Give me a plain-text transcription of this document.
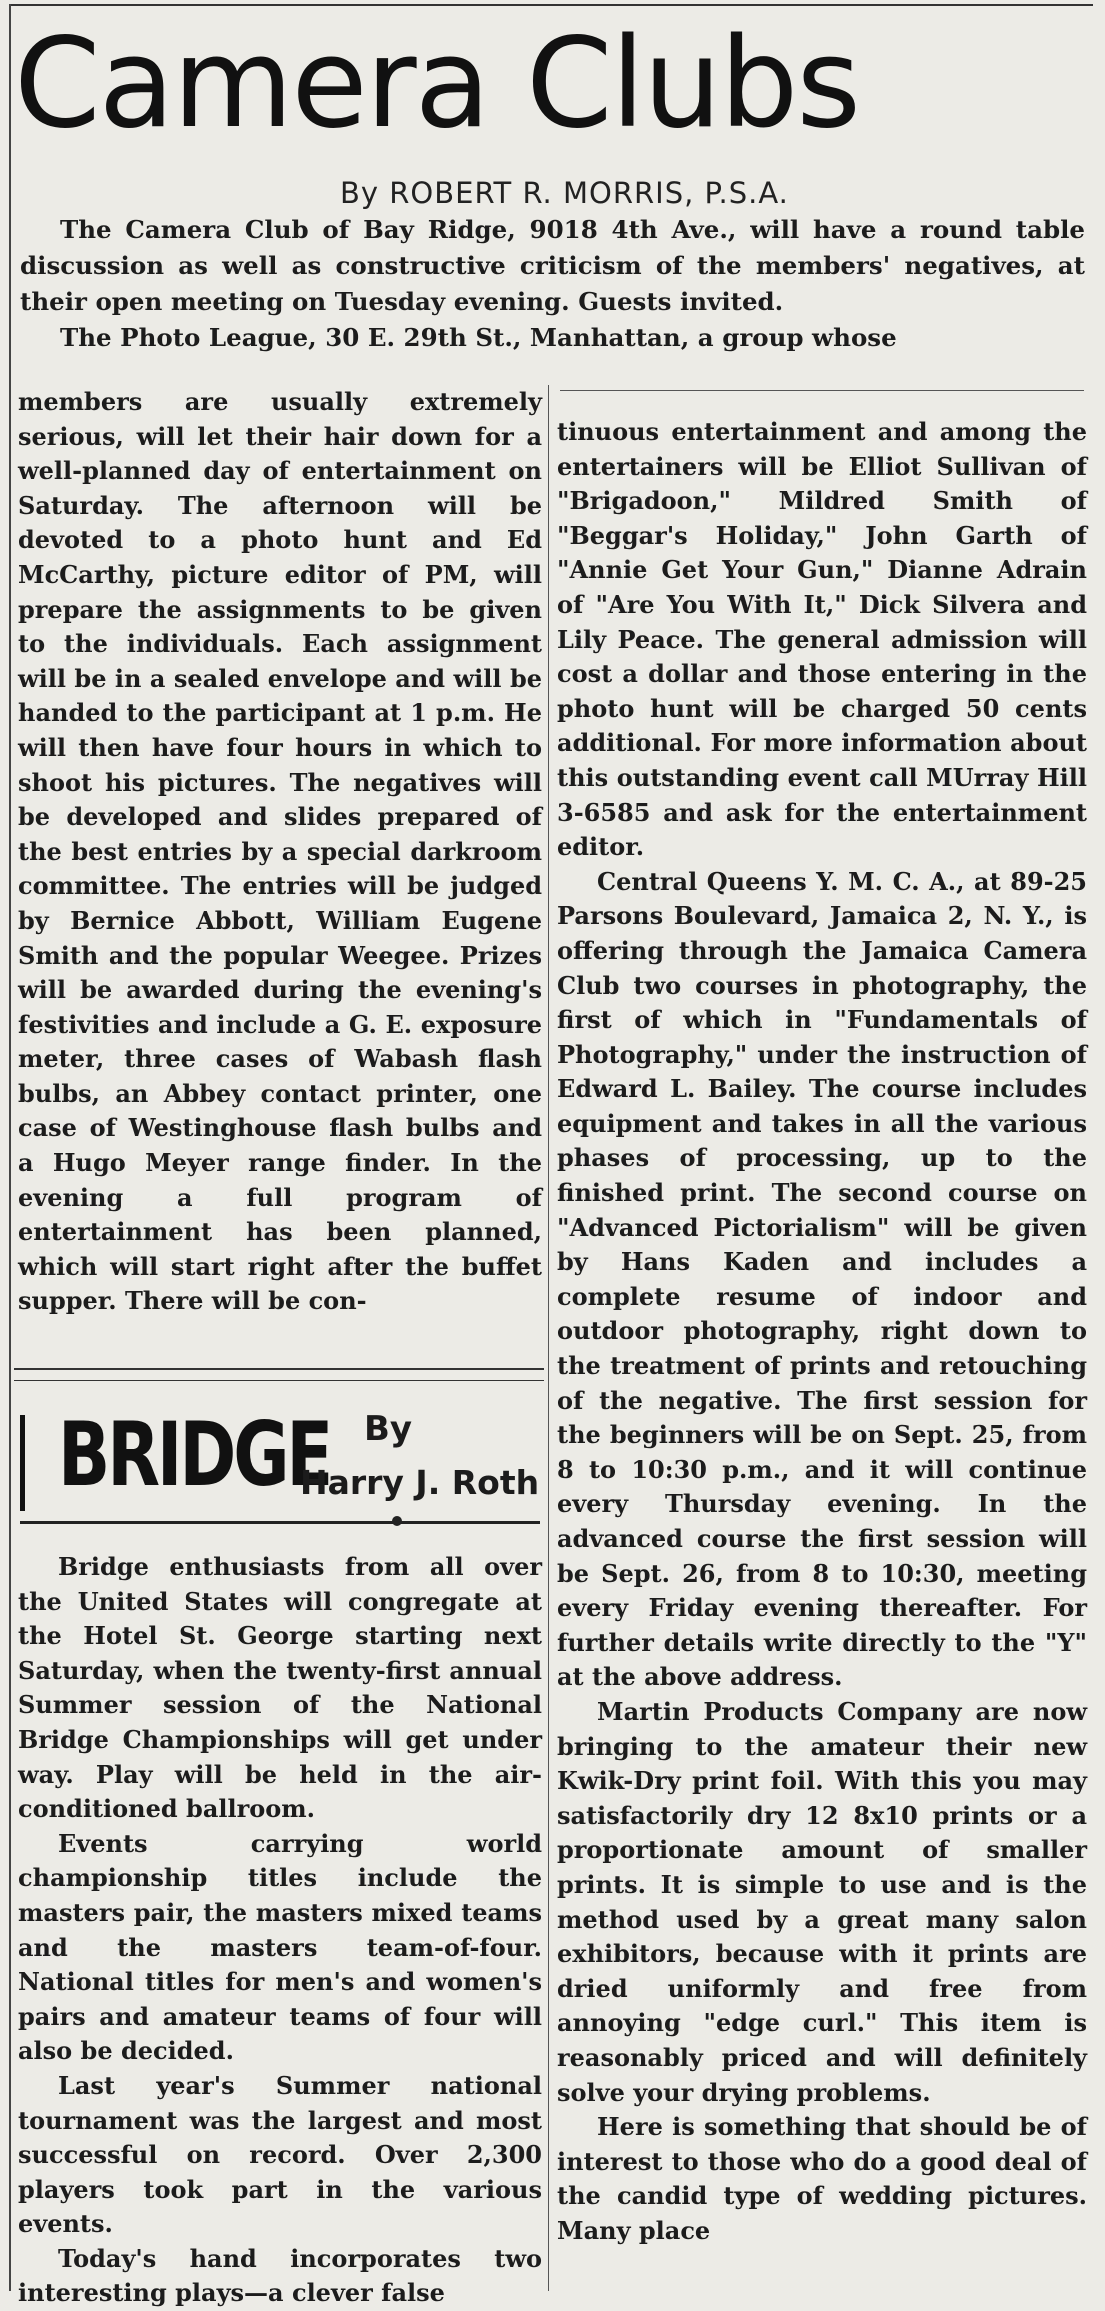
Camera Clubs
By ROBERT R. MORRIS, P.S.A.

The Camera Club of Bay Ridge, 9018 4th Ave., will have a round table discussion as well as constructive criticism of the members' negatives, at their open meeting on Tuesday evening. Guests invited.

The Photo League, 30 E. 29th St., Manhattan, a group whose

members are usually extremely serious, will let their hair down for a well-planned day of entertainment on Saturday. The afternoon will be devoted to a photo hunt and Ed McCarthy, picture editor of PM, will prepare the assignments to be given to the individuals. Each assignment will be in a sealed envelope and will be handed to the participant at 1 p.m. He will then have four hours in which to shoot his pictures. The negatives will be developed and slides prepared of the best entries by a special darkroom committee. The entries will be judged by Bernice Abbott, William Eugene Smith and the popular Weegee. Prizes will be awarded during the evening's festivities and include a G. E. exposure meter, three cases of Wabash flash bulbs, an Abbey contact printer, one case of Westinghouse flash bulbs and a Hugo Meyer range finder. In the evening a full program of entertainment has been planned, which will start right after the buffet supper. There will be con-

tinuous entertainment and among the entertainers will be Elliot Sullivan of "Brigadoon," Mildred Smith of "Beggar's Holiday," John Garth of "Annie Get Your Gun," Dianne Adrain of "Are You With It," Dick Silvera and Lily Peace. The general admission will cost a dollar and those entering in the photo hunt will be charged 50 cents additional. For more information about this outstanding event call MUrray Hill 3-6585 and ask for the entertainment editor.

Central Queens Y. M. C. A., at 89-25 Parsons Boulevard, Jamaica 2, N. Y., is offering through the Jamaica Camera Club two courses in photography, the first of which in "Fundamentals of Photography," under the instruction of Edward L. Bailey. The course includes equipment and takes in all the various phases of processing, up to the finished print. The second course on "Advanced Pictorialism" will be given by Hans Kaden and includes a complete resume of indoor and outdoor photography, right down to the treatment of prints and retouching of the negative. The first session for the beginners will be on Sept. 25, from 8 to 10:30 p.m., and it will continue every Thursday evening. In the advanced course the first session will be Sept. 26, from 8 to 10:30, meeting every Friday evening thereafter. For further details write directly to the "Y" at the above address.

Martin Products Company are now bringing to the amateur their new Kwik-Dry print foil. With this you may satisfactorily dry 12 8x10 prints or a proportionate amount of smaller prints. It is simple to use and is the method used by a great many salon exhibitors, because with it prints are dried uniformly and free from annoying "edge curl." This item is reasonably priced and will definitely solve your drying problems.

Here is something that should be of interest to those who do a good deal of the candid type of wedding pictures. Many place

BRIDGE By
Harry J. Roth

Bridge enthusiasts from all over the United States will congregate at the Hotel St. George starting next Saturday, when the twenty-first annual Summer session of the National Bridge Championships will get under way. Play will be held in the air-conditioned ballroom.

Events carrying world championship titles include the masters pair, the masters mixed teams and the masters team-of-four. National titles for men's and women's pairs and amateur teams of four will also be decided.

Last year's Summer national tournament was the largest and most successful on record. Over 2,300 players took part in the various events.

Today's hand incorporates two interesting plays—a clever false
